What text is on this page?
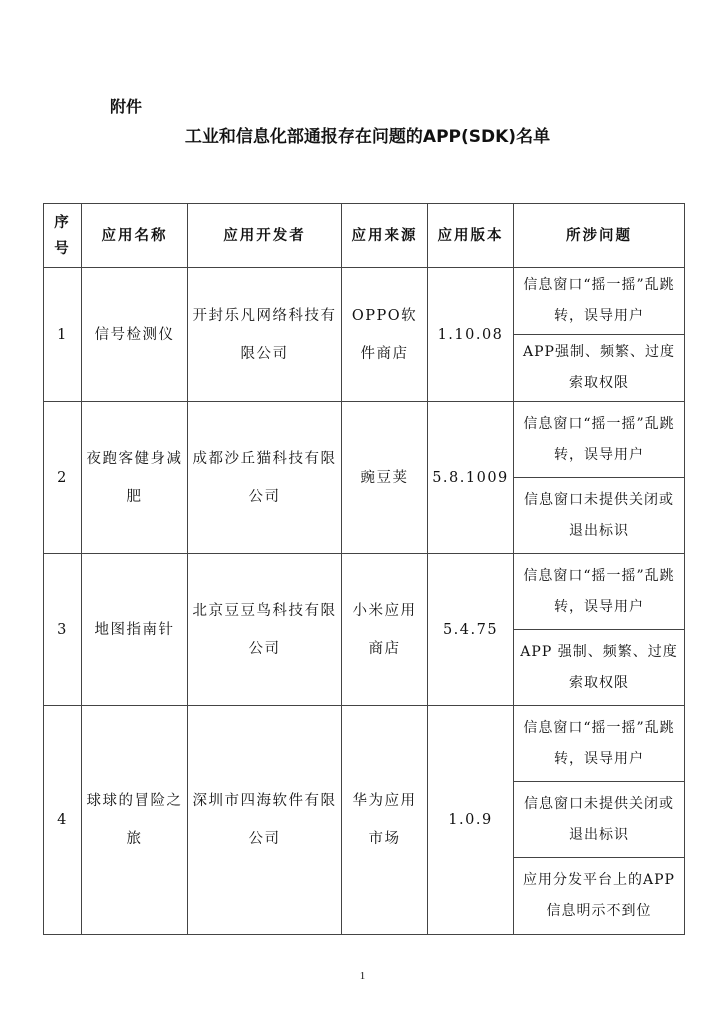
附件
工业和信息化部通报存在问题的APP(SDK)名单
序号	应用名称	应用开发者	应用来源	应用版本	所涉问题
1	信号检测仪	开封乐凡网络科技有限公司	OPPO软件商店	1.10.08	信息窗口“摇一摇”乱跳转，误导用户
					APP强制、频繁、过度索取权限
2	夜跑客健身减肥	成都沙丘猫科技有限公司	豌豆荚	5.8.1009	信息窗口“摇一摇”乱跳转，误导用户
					信息窗口未提供关闭或退出标识
3	地图指南针	北京豆豆鸟科技有限公司	小米应用商店	5.4.75	信息窗口“摇一摇”乱跳转，误导用户
					APP 强制、频繁、过度索取权限
4	球球的冒险之旅	深圳市四海软件有限公司	华为应用市场	1.0.9	信息窗口“摇一摇”乱跳转，误导用户
					信息窗口未提供关闭或退出标识
					应用分发平台上的APP 信息明示不到位
1
